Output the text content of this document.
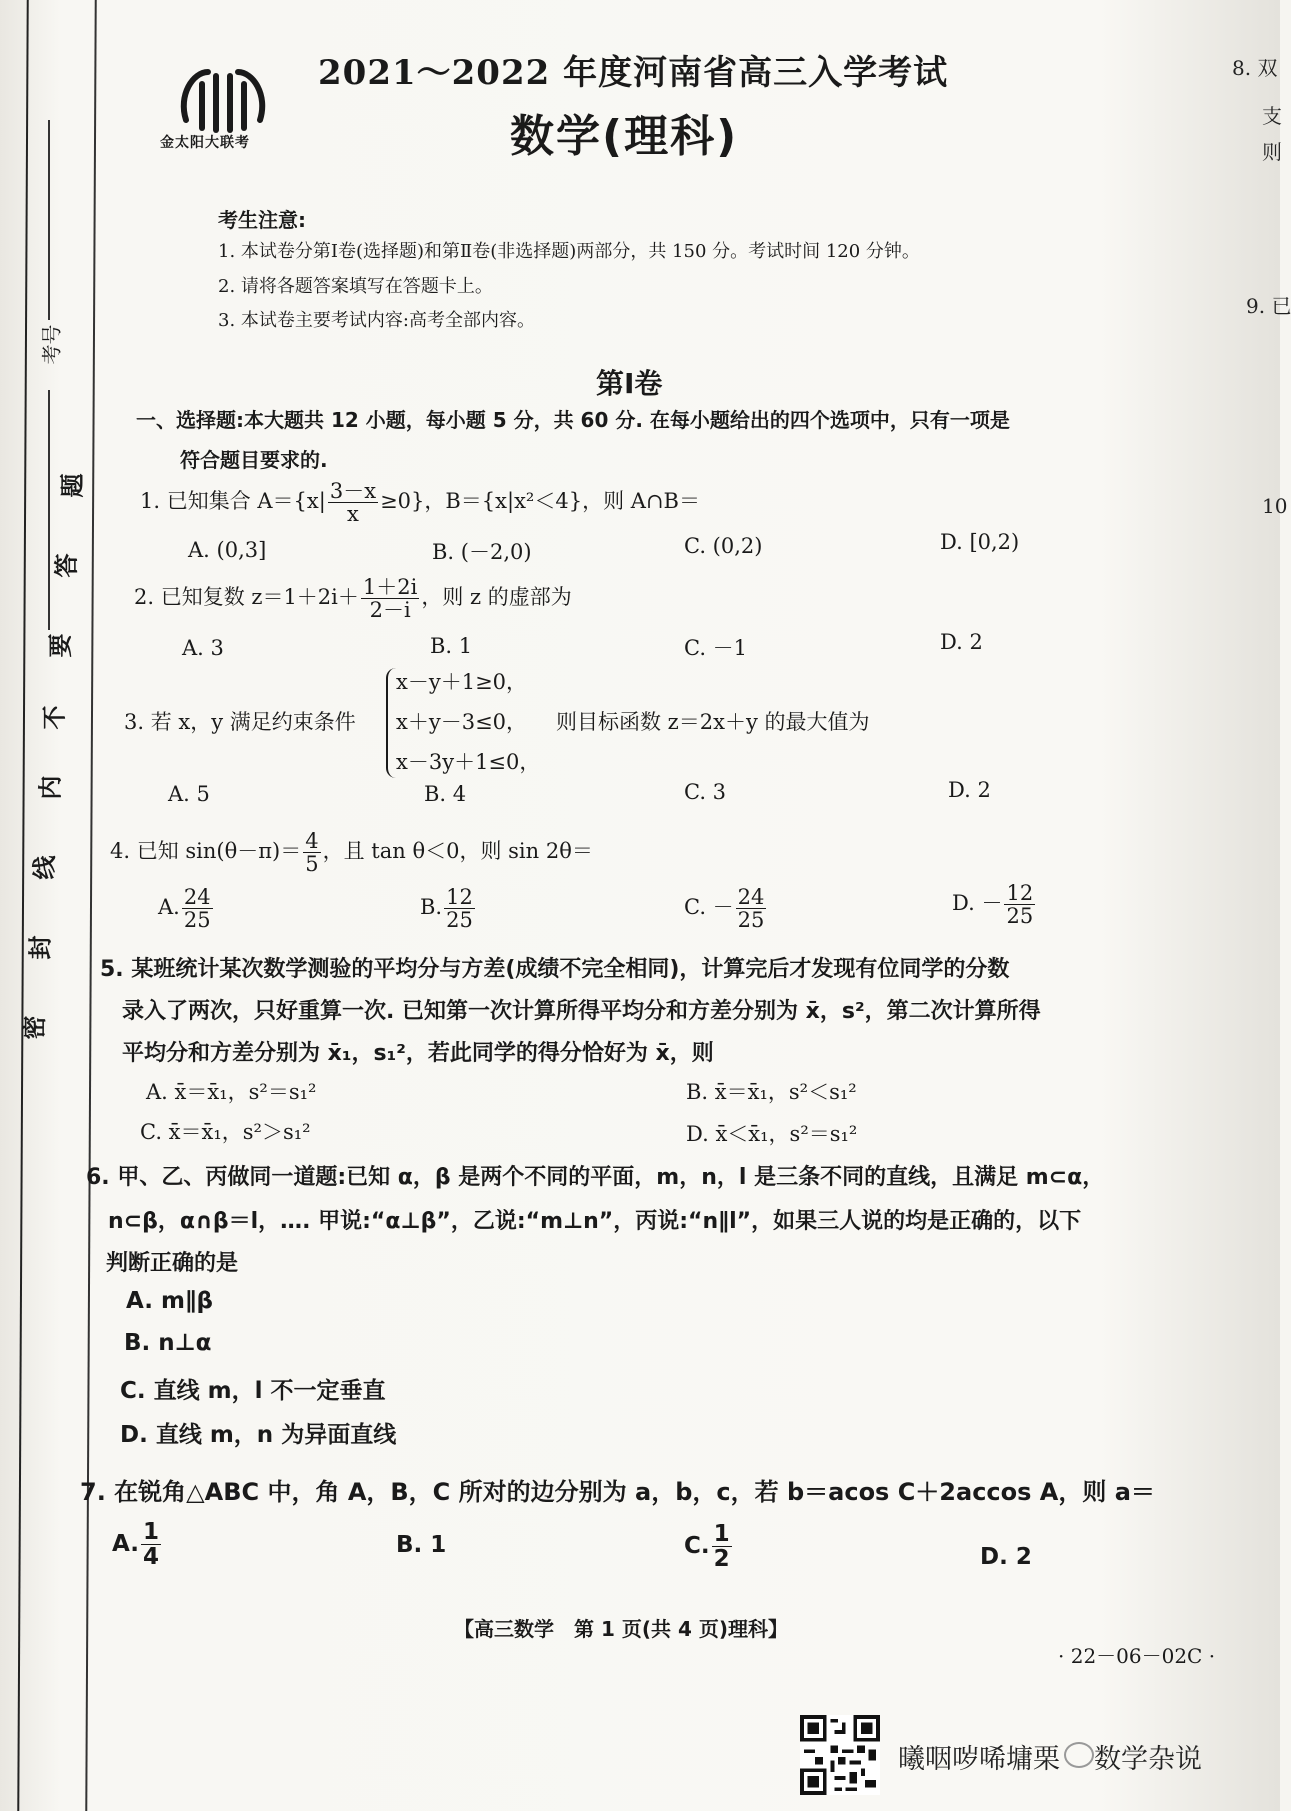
考号
题
答
要
不
内
线
封
密
金太阳大联考
2021～2022 年度河南省高三入学考试
数学(理科)
考生注意:
1. 本试卷分第Ⅰ卷(选择题)和第Ⅱ卷(非选择题)两部分，共 150 分。考试时间 120 分钟。
2. 请将各题答案填写在答题卡上。
3. 本试卷主要考试内容:高考全部内容。
第Ⅰ卷
一、选择题:本大题共 12 小题，每小题 5 分，共 60 分. 在每小题给出的四个选项中，只有一项是
符合题目要求的.
1. 已知集合 $A=\{x| \frac{3-x}{x} \ge 0\}$，B＝{x|x²＜4}，则 A∩B＝
A. (0,3]	B. (－2,0)	C. (0,2)	D. [0,2)
2. 已知复数 $z=1+2i+ \frac{1+2i}{2-i}$ ，则 z 的虚部为
A. 3	B. 1	C. －1	D. 2
3. 若 x，y 满足约束条件
x－y＋1≥0，
x＋y－3≤0，
x－3y＋1≤0，
则目标函数 z＝2x＋y 的最大值为
A. 5	B. 4	C. 3	D. 2
4. 已知 $\sin(\theta-\pi)= \frac{4}{5}$ ，且 tan θ＜0，则 sin 2θ＝
A. $\frac{24}{25}$	B. $\frac{12}{25}$	C. － $\frac{24}{25}$	D. － $\frac{12}{25}$
5. 某班统计某次数学测验的平均分与方差(成绩不完全相同)，计算完后才发现有位同学的分数
录入了两次，只好重算一次. 已知第一次计算所得平均分和方差分别为 x̄，s²，第二次计算所得
平均分和方差分别为 x̄₁，s₁²，若此同学的得分恰好为 x̄，则
A. x̄＝x̄₁，s²＝s₁²	B. x̄＝x̄₁，s²＜s₁²
C. x̄＝x̄₁，s²＞s₁²	D. x̄＜x̄₁，s²＝s₁²
6. 甲、乙、丙做同一道题:已知 α，β 是两个不同的平面，m，n，l 是三条不同的直线，且满足 m⊂α，
n⊂β，α∩β＝l，…. 甲说:“α⊥β”，乙说:“m⊥n”，丙说:“n∥l”，如果三人说的均是正确的，以下
判断正确的是
A. m∥β
B. n⊥α
C. 直线 m，l 不一定垂直
D. 直线 m，n 为异面直线
7. 在锐角△ABC 中，角 A，B，C 所对的边分别为 a，b，c，若 b＝acos C＋2accos A，则 a＝
A. $\frac{1}{4}$	B. 1	C. $\frac{1}{2}$	D. 2
【高三数学　第 1 页(共 4 页)理科】
· 22－06－02C ·
曦咽哕唏墉栗 数学杂说
8. 双
支
则
9. 已
10
